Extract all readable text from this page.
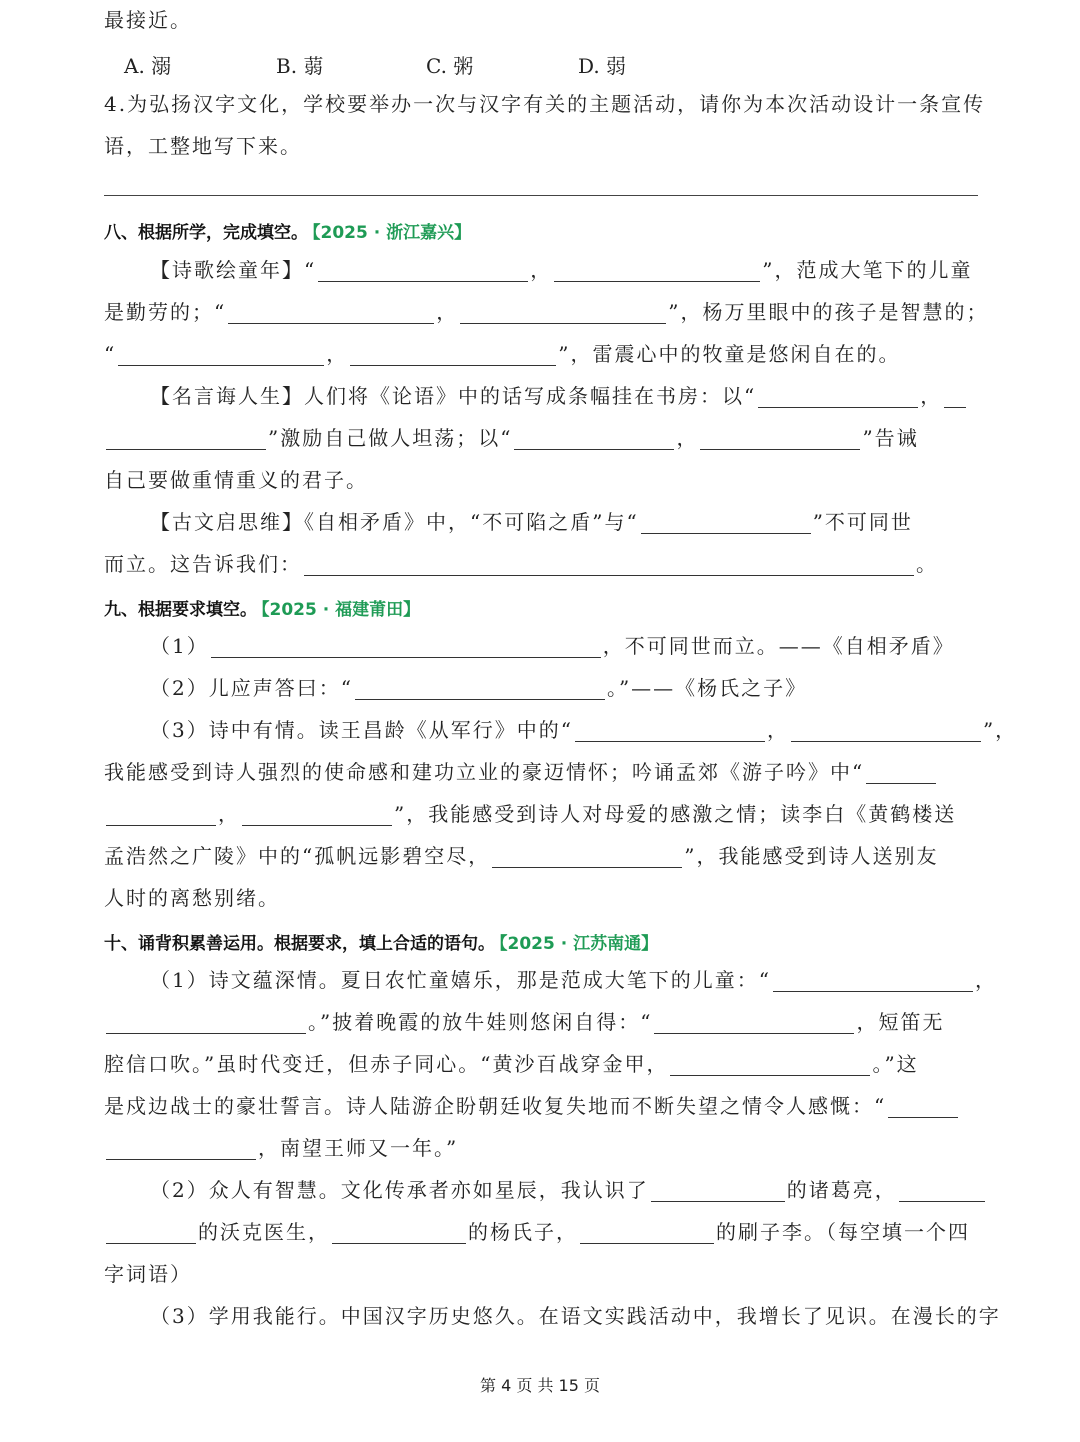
最接近。
A. 溺	B. 蒻	C. 粥	D. 弱
4.为弘扬汉字文化，学校要举办一次与汉字有关的主题活动，请你为本次活动设计一条宣传
语，工整地写下来。
八、根据所学，完成填空。 【2025 · 浙江嘉兴】
【诗歌绘童年】“	，	”，范成大笔下的儿童
是勤劳的；“	，	”，杨万里眼中的孩子是智慧的；
“	，	”，雷震心中的牧童是悠闲自在的。
【名言诲人生】人们将《论语》中的话写成条幅挂在书房：以“	，
”激励自己做人坦荡；以“	，	”告诫
自己要做重情重义的君子。
【古文启思维】《自相矛盾》中，“不可陷之盾”与“	”不可同世
而立。这告诉我们：	。
九、根据要求填空。 【2025 · 福建莆田】
（1）	，不可同世而立。——《自相矛盾》
（2）儿应声答曰：“	。”——《杨氏之子》
（3）诗中有情。读王昌龄《从军行》中的“	，	”，
我能感受到诗人强烈的使命感和建功立业的豪迈情怀；吟诵孟郊《游子吟》中“
，	”，我能感受到诗人对母爱的感激之情；读李白《黄鹤楼送
孟浩然之广陵》中的“孤帆远影碧空尽，	”，我能感受到诗人送别友
人时的离愁别绪。
十、诵背积累善运用。根据要求，填上合适的语句。 【2025 · 江苏南通】
（1）诗文蕴深情。夏日农忙童嬉乐，那是范成大笔下的儿童：“	，
。”披着晚霞的放牛娃则悠闲自得：“	，短笛无
腔信口吹。”虽时代变迁，但赤子同心。“黄沙百战穿金甲，	。”这
是戍边战士的豪壮誓言。诗人陆游企盼朝廷收复失地而不断失望之情令人感慨：“
，南望王师又一年。”
（2）众人有智慧。文化传承者亦如星辰，我认识了	的诸葛亮，
的沃克医生，	的杨氏子，	的刷子李。（每空填一个四
字词语）
（3）学用我能行。中国汉字历史悠久。在语文实践活动中，我增长了见识。在漫长的字
第 4 页 共 15 页
